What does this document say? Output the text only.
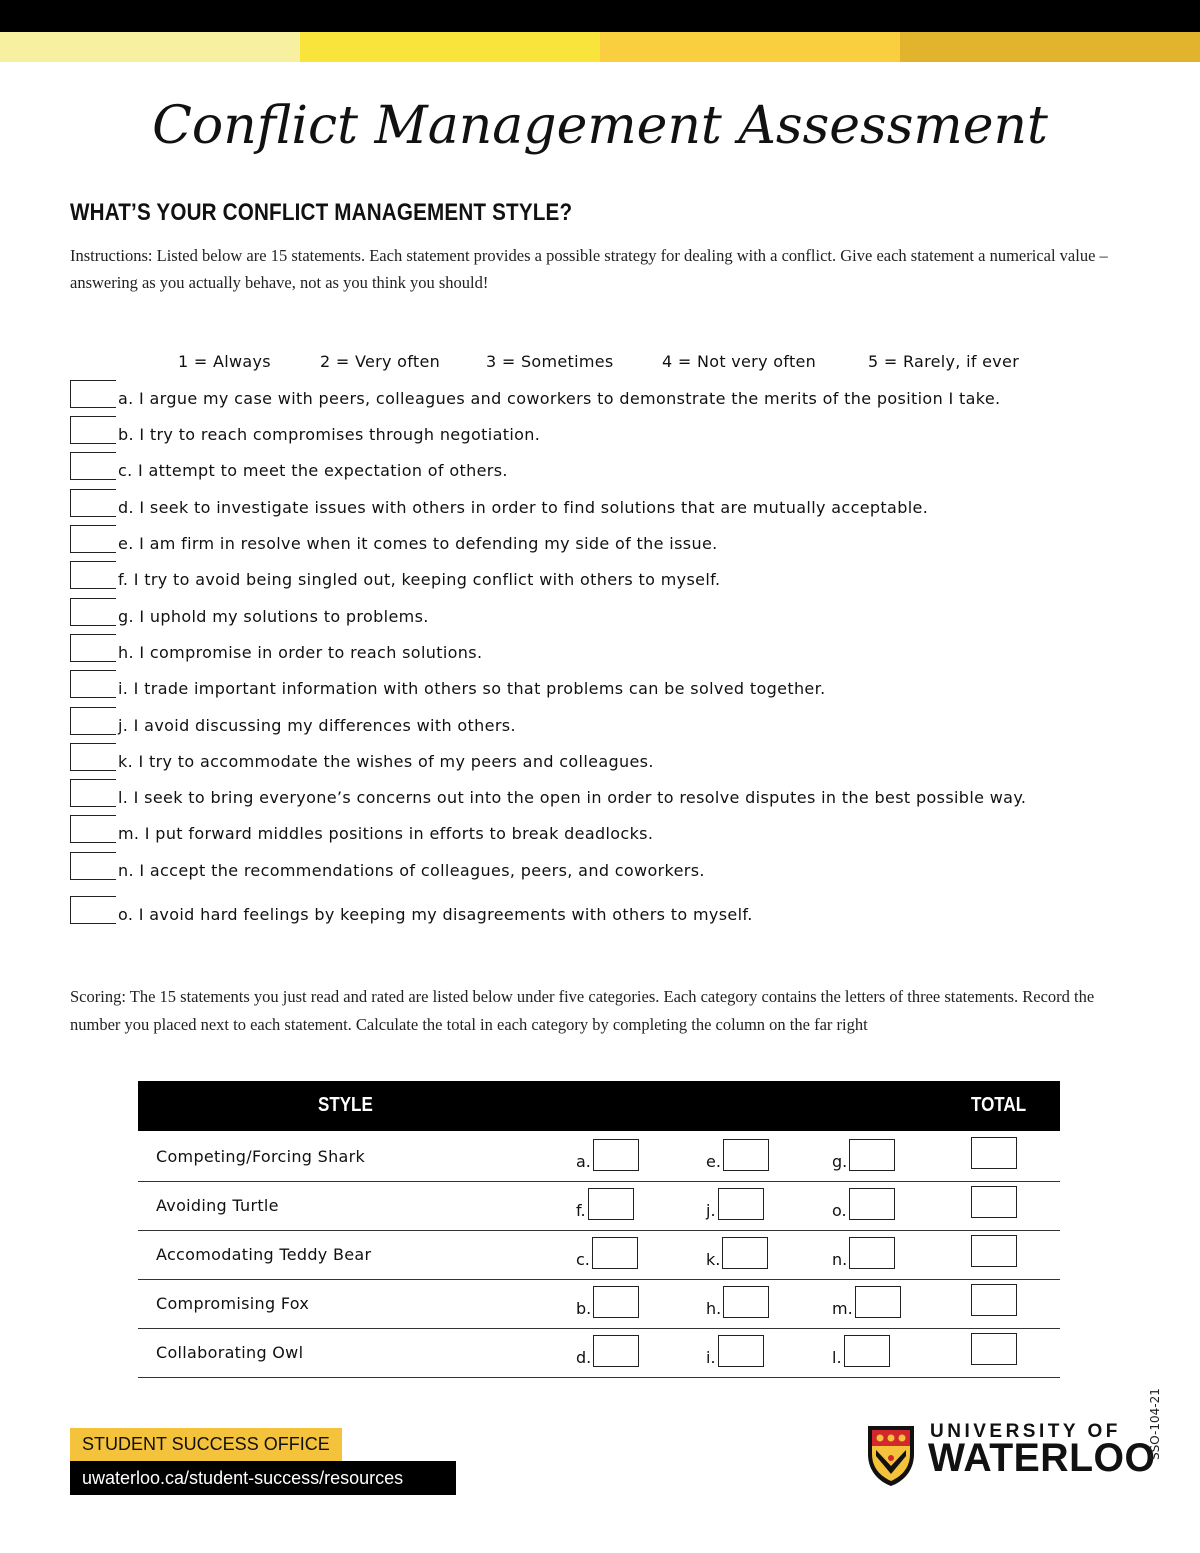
Conflict Management Assessment
WHAT’S YOUR CONFLICT MANAGEMENT STYLE?
Instructions: Listed below are 15 statements. Each statement provides a possible strategy for dealing with a conflict. Give each statement a numerical value – answering as you actually behave, not as you think you should!
1 = Always	2 = Very often	3 = Sometimes	4 = Not very often	5 = Rarely, if ever
a. I argue my case with peers, colleagues and coworkers to demonstrate the merits of the position I take.
b. I try to reach compromises through negotiation.
c. I attempt to meet the expectation of others.
d. I seek to investigate issues with others in order to find solutions that are mutually acceptable.
e. I am firm in resolve when it comes to defending my side of the issue.
f. I try to avoid being singled out, keeping conflict with others to myself.
g. I uphold my solutions to problems.
h. I compromise in order to reach solutions.
i. I trade important information with others so that problems can be solved together.
j. I avoid discussing my differences with others.
k. I try to accommodate the wishes of my peers and colleagues.
l. I seek to bring everyone’s concerns out into the open in order to resolve disputes in the best possible way.
m. I put forward middles positions in efforts to break deadlocks.
n. I accept the recommendations of colleagues, peers, and coworkers.
o. I avoid hard feelings by keeping my disagreements with others to myself.
Scoring: The 15 statements you just read and rated are listed below under five categories. Each category contains the letters of three statements. Record the number you placed next to each statement. Calculate the total in each category by completing the column on the far right
STYLE	TOTAL
Competing/Forcing Shark	a.	e.	g.
Avoiding Turtle	f.	j.	o.
Accomodating Teddy Bear	c.	k.	n.
Compromising Fox	b.	h.	m.
Collaborating Owl	d.	i.	l.
STUDENT SUCCESS OFFICE
uwaterloo.ca/student-success/resources
UNIVERSITY OF
WATERLOO
SSO-104-21
